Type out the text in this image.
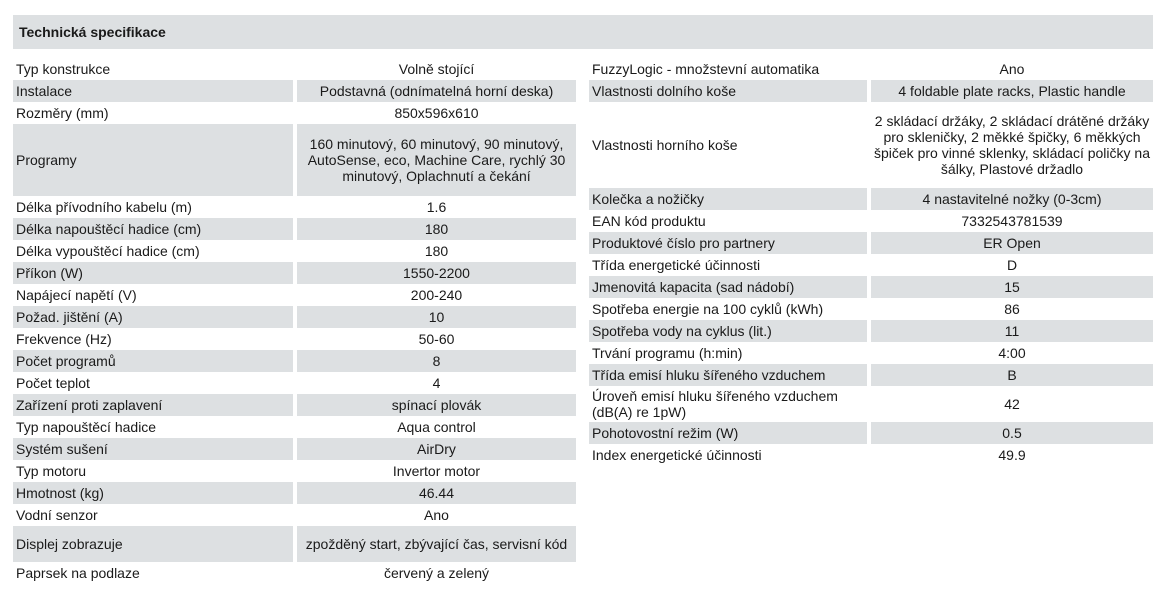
Technická specifikace
Typ konstrukce		Volně stojící
Instalace		Podstavná (odnímatelná horní deska)
Rozměry (mm)		850x596x610
Programy		160 minutový, 60 minutový, 90 minutový, AutoSense, eco, Machine Care, rychlý 30 minutový, Oplachnutí a čekání
Délka přívodního kabelu (m)		1.6
Délka napouštěcí hadice (cm)		180
Délka vypouštěcí hadice (cm)		180
Příkon (W)		1550-2200
Napájecí napětí (V)		200-240
Požad. jištění (A)		10
Frekvence (Hz)		50-60
Počet programů		8
Počet teplot		4
Zařízení proti zaplavení		spínací plovák
Typ napouštěcí hadice		Aqua control
Systém sušení		AirDry
Typ motoru		Invertor motor
Hmotnost (kg)		46.44
Vodní senzor		Ano
Displej zobrazuje		zpožděný start, zbývající čas, servisní kód
Paprsek na podlaze		červený a zelený
FuzzyLogic - množstevní automatika		Ano
Vlastnosti dolního koše		4 foldable plate racks, Plastic handle
Vlastnosti horního koše		2 skládací držáky, 2 skládací drátěné držáky pro skleničky, 2 měkké špičky, 6 měkkých špiček pro vinné sklenky, skládací poličky na šálky, Plastové držadlo
Kolečka a nožičky		4 nastavitelné nožky (0-3cm)
EAN kód produktu		7332543781539
Produktové číslo pro partnery		ER Open
Třída energetické účinnosti		D
Jmenovitá kapacita (sad nádobí)		15
Spotřeba energie na 100 cyklů (kWh)		86
Spotřeba vody na cyklus (lit.)		11
Trvání programu (h:min)		4:00
Třída emisí hluku šířeného vzduchem		B
Úroveň emisí hluku šířeného vzduchem (dB(A) re 1pW)		42
Pohotovostní režim (W)		0.5
Index energetické účinnosti		49.9
